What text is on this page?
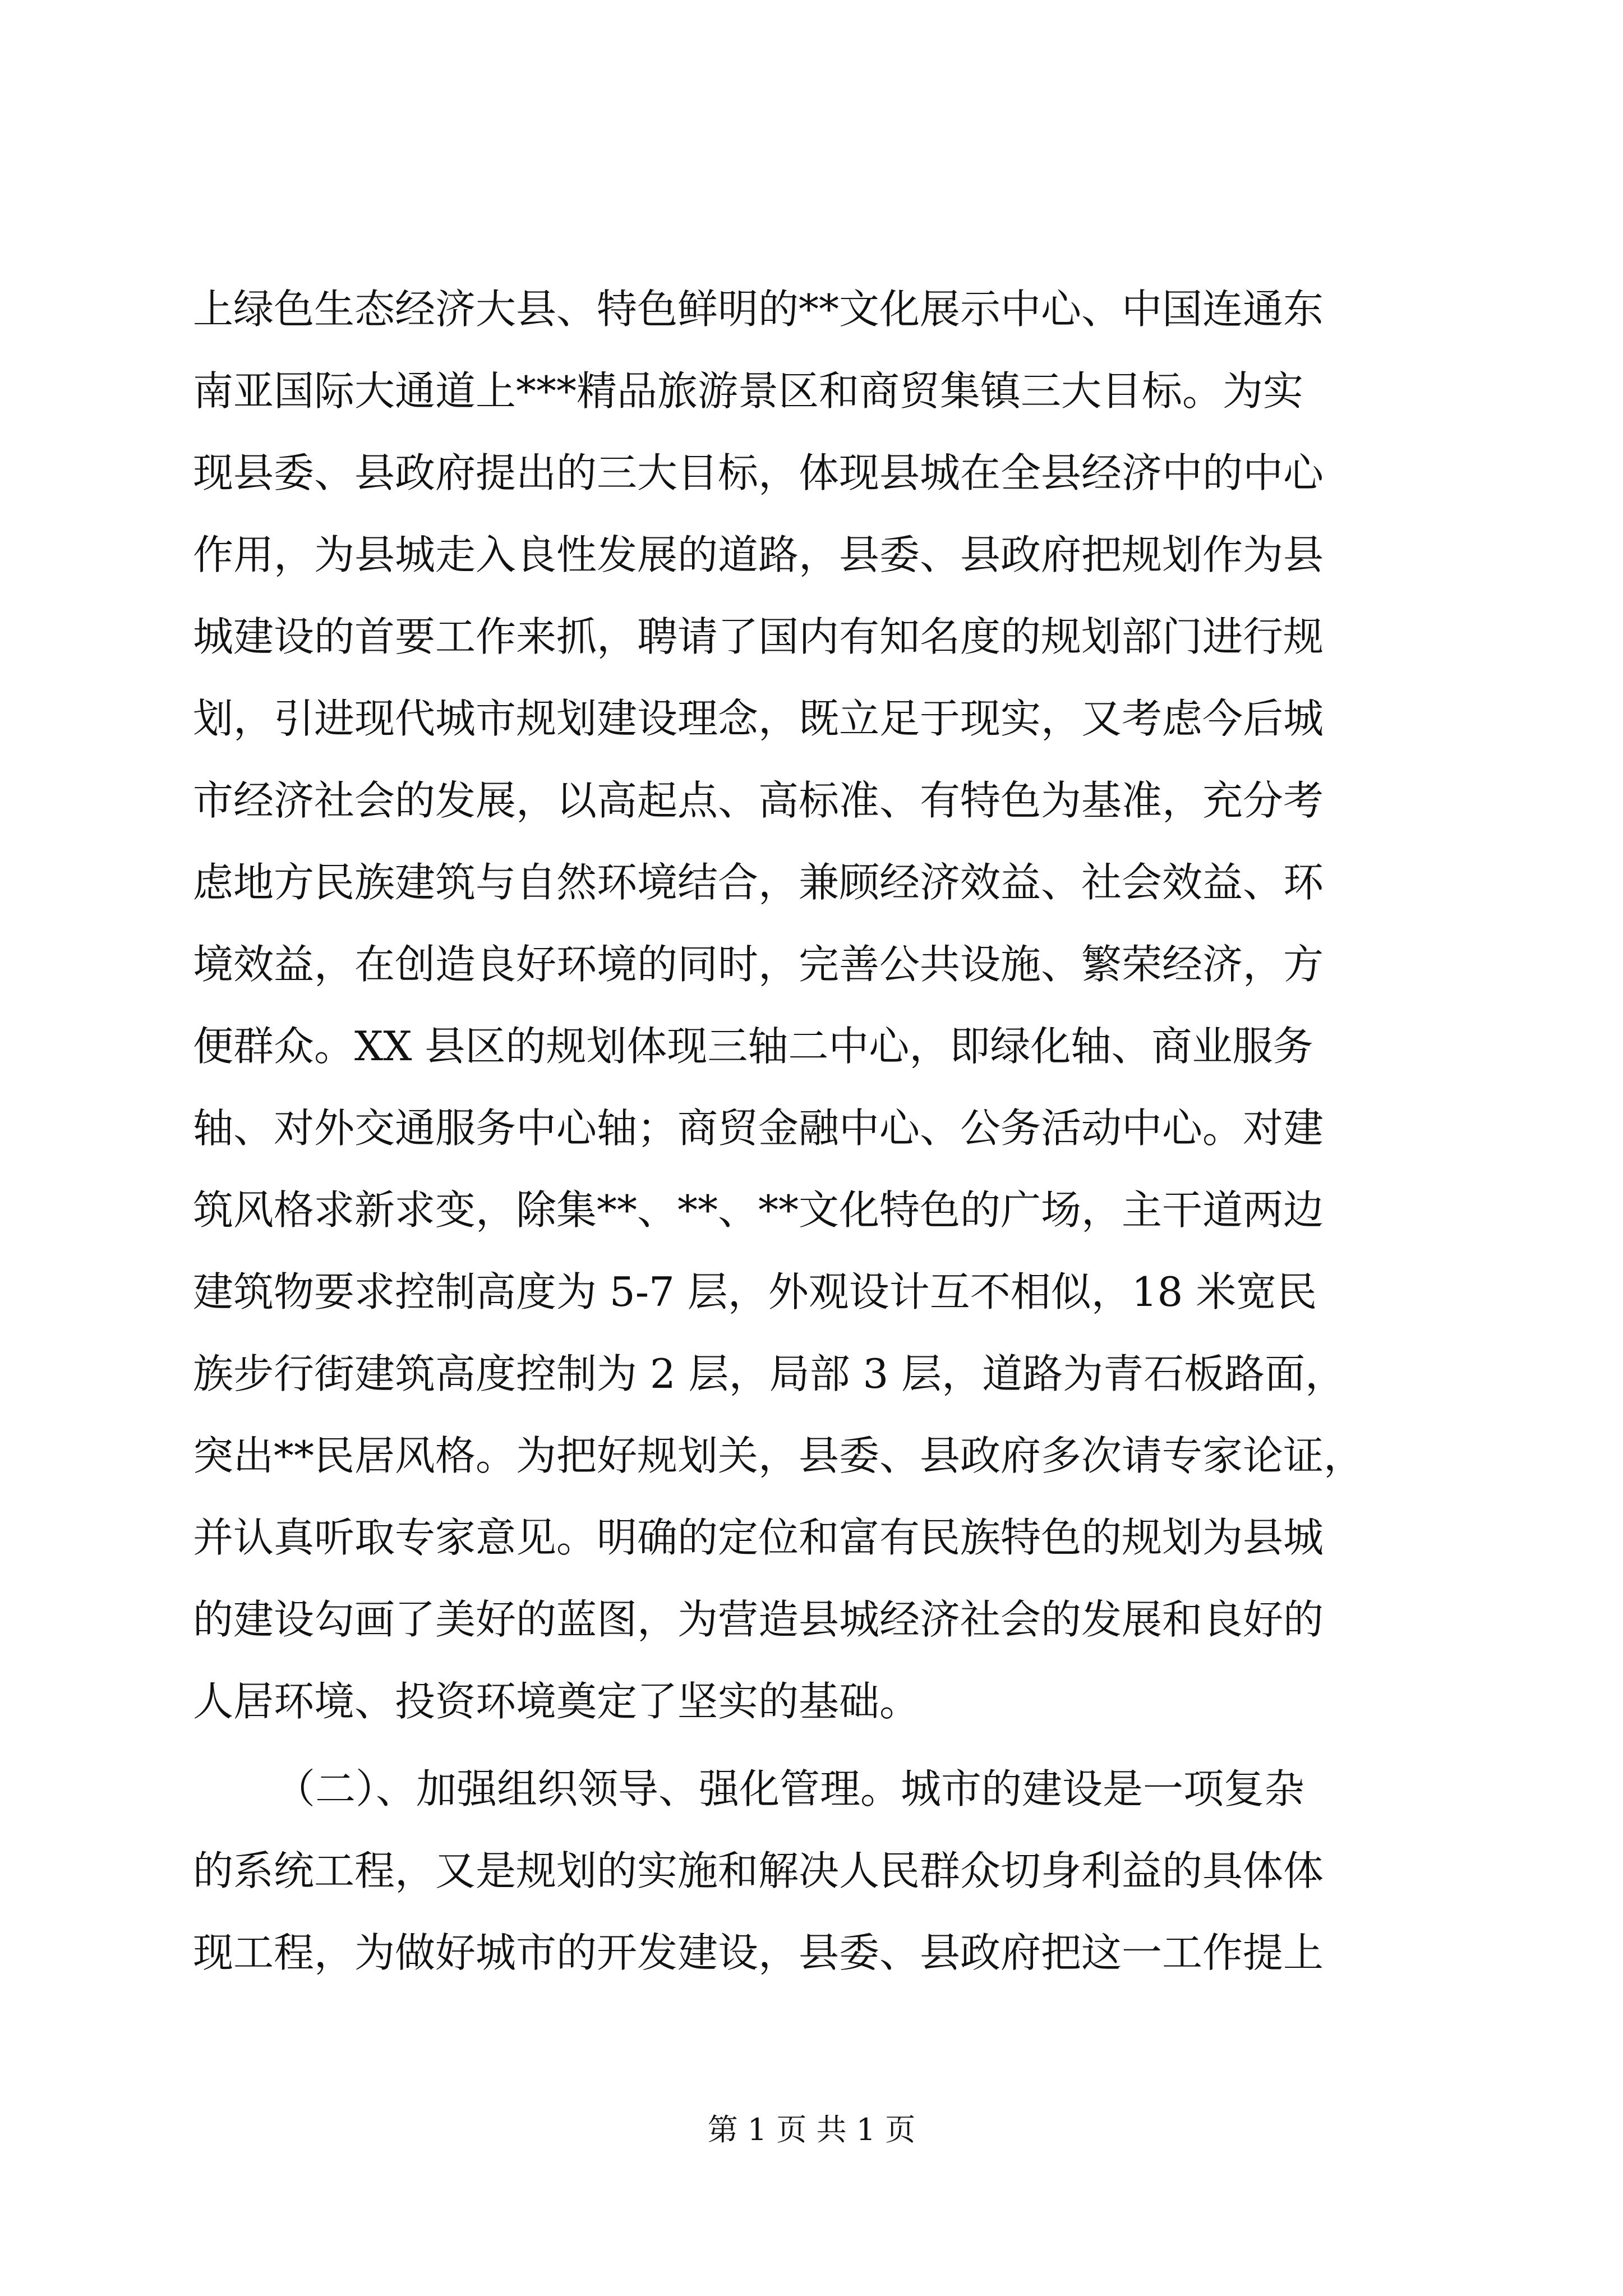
上绿色生态经济大县、特色鲜明的**文化展示中心、中国连通东
南亚国际大通道上***精品旅游景区和商贸集镇三大目标。为实
现县委、县政府提出的三大目标，体现县城在全县经济中的中心
作用，为县城走入良性发展的道路，县委、县政府把规划作为县
城建设的首要工作来抓，聘请了国内有知名度的规划部门进行规
划，引进现代城市规划建设理念，既立足于现实，又考虑今后城
市经济社会的发展，以高起点、高标准、有特色为基准，充分考
虑地方民族建筑与自然环境结合，兼顾经济效益、社会效益、环
境效益，在创造良好环境的同时，完善公共设施、繁荣经济，方
便群众。XX 县区的规划体现三轴二中心，即绿化轴、商业服务
轴、对外交通服务中心轴；商贸金融中心、公务活动中心。对建
筑风格求新求变，除集**、**、**文化特色的广场，主干道两边
建筑物要求控制高度为 5-7 层，外观设计互不相似，18 米宽民
族步行街建筑高度控制为 2 层，局部 3 层，道路为青石板路面，
突出**民居风格。为把好规划关，县委、县政府多次请专家论证，
并认真听取专家意见。明确的定位和富有民族特色的规划为县城
的建设勾画了美好的蓝图，为营造县城经济社会的发展和良好的
人居环境、投资环境奠定了坚实的基础。
（二）、加强组织领导、强化管理。城市的建设是一项复杂
的系统工程，又是规划的实施和解决人民群众切身利益的具体体
现工程，为做好城市的开发建设，县委、县政府把这一工作提上
第 1 页 共 1 页
